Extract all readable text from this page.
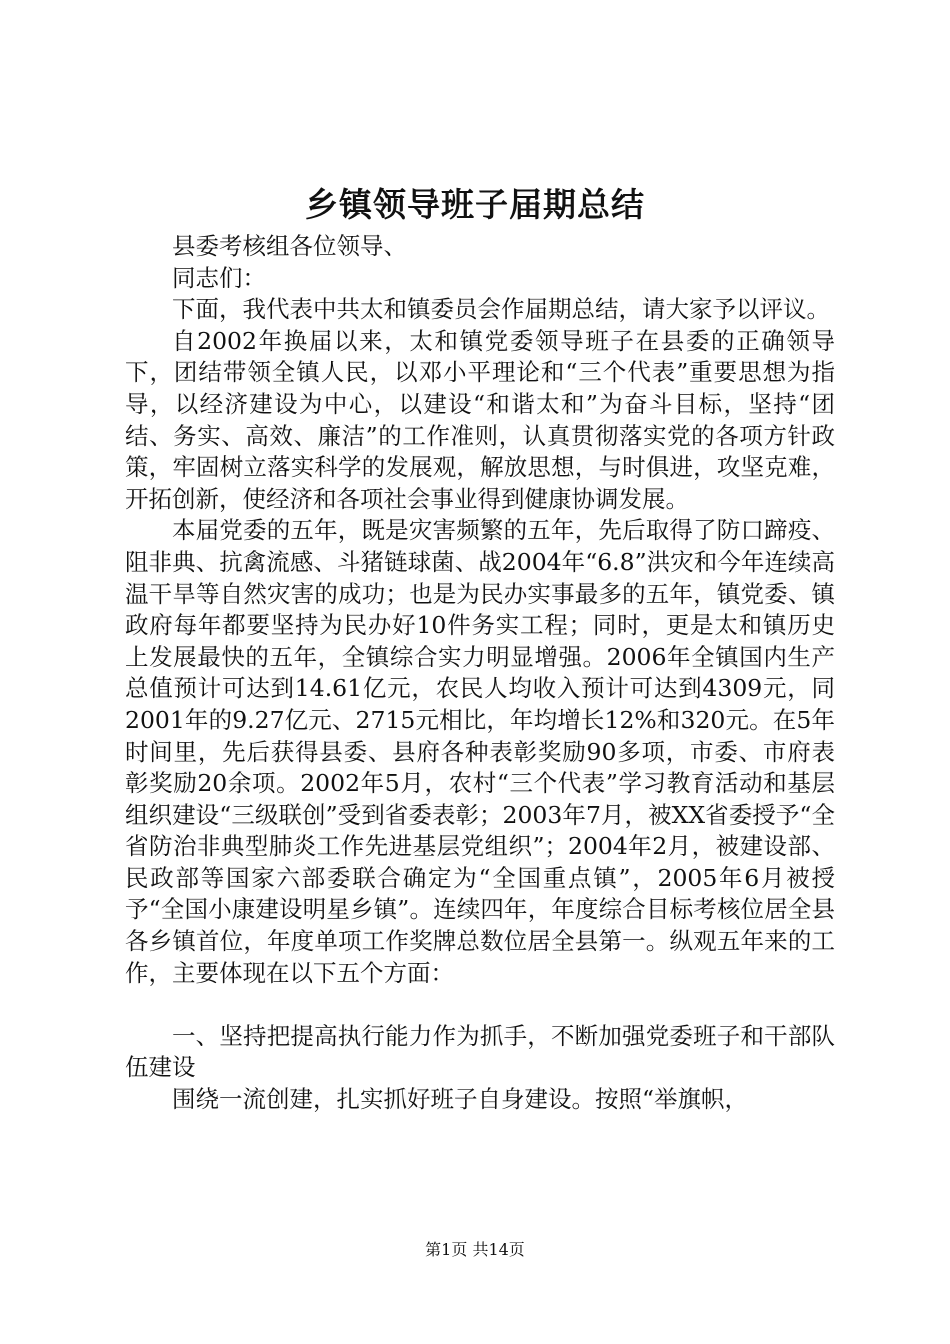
乡镇领导班子届期总结

县委考核组各位领导、

同志们：

下面，我代表中共太和镇委员会作届期总结，请大家予以评议。

自2002年换届以来，太和镇党委领导班子在县委的正确领导下，团结带领全镇人民，以邓小平理论和“三个代表”重要思想为指导，以经济建设为中心，以建设“和谐太和”为奋斗目标，坚持“团结、务实、高效、廉洁”的工作准则，认真贯彻落实党的各项方针政策，牢固树立落实科学的发展观，解放思想，与时俱进，攻坚克难，开拓创新，使经济和各项社会事业得到健康协调发展。

本届党委的五年，既是灾害频繁的五年，先后取得了防口蹄疫、阻非典、抗禽流感、斗猪链球菌、战2004年“6.8”洪灾和今年连续高温干旱等自然灾害的成功；也是为民办实事最多的五年，镇党委、镇政府每年都要坚持为民办好10件务实工程；同时，更是太和镇历史上发展最快的五年，全镇综合实力明显增强。2006年全镇国内生产总值预计可达到14.61亿元，农民人均收入预计可达到4309元，同2001年的9.27亿元、2715元相比，年均增长12%和320元。在5年时间里，先后获得县委、县府各种表彰奖励90多项，市委、市府表彰奖励20余项。2002年5月，农村“三个代表”学习教育活动和基层组织建设“三级联创”受到省委表彰；2003年7月，被XX省委授予“全省防治非典型肺炎工作先进基层党组织”；2004年2月，被建设部、民政部等国家六部委联合确定为“全国重点镇”，2005年6月被授予“全国小康建设明星乡镇”。连续四年，年度综合目标考核位居全县各乡镇首位，年度单项工作奖牌总数位居全县第一。纵观五年来的工作，主要体现在以下五个方面：

一、坚持把提高执行能力作为抓手，不断加强党委班子和干部队伍建设

围绕一流创建，扎实抓好班子自身建设。按照“举旗帜，

第1页 共14页
